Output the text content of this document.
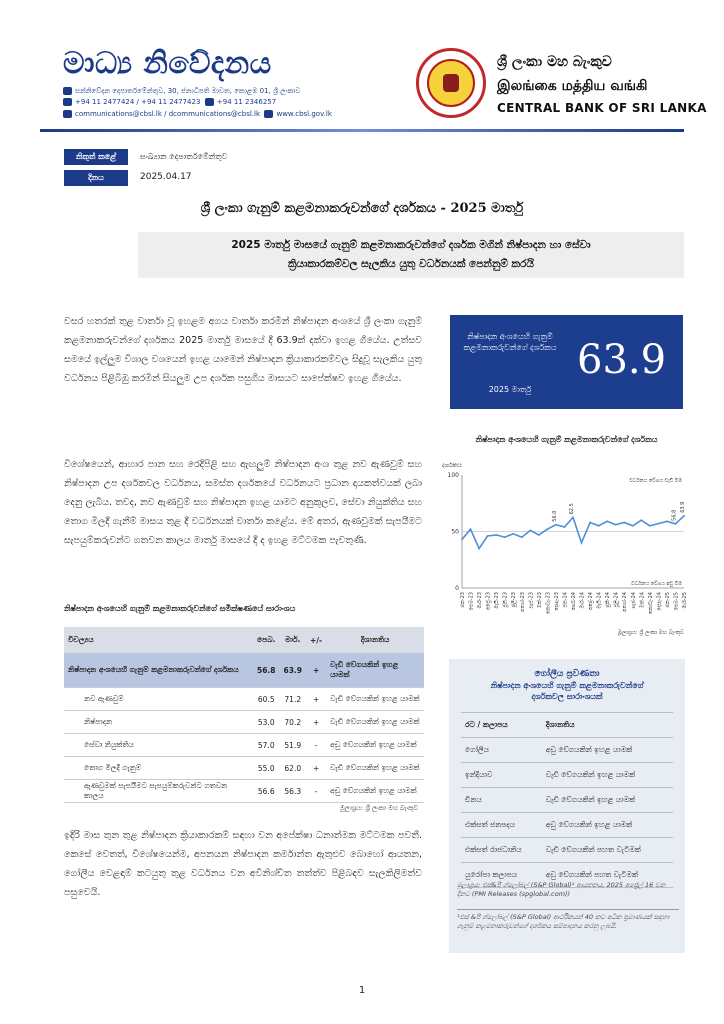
මාධ්‍ය නිවේදනය
සන්නිවේදන දෙපාර්තමේන්තුව, 30, ජනාධිපති මාවත, කොළඹ 01, ශ්‍රී ලංකාව
+94 11 2477424 / +94 11 2477423 +94 11 2346257
communications@cbsl.lk / dcommunications@cbsl.lk www.cbsl.gov.lk
ශ්‍රී ලංකා මහ බැංකුව
இலங்கை மத்திய வங்கி
CENTRAL BANK OF SRI LANKA
නිකුත් කළේ	සංඛ්‍යාන දෙපාර්තමේන්තුව
දිනය	2025.04.17
ශ්‍රී ලංකා ගැනුම් කළමනාකරුවන්ගේ දර්ශකය - 2025 මාර්තු
2025 මාර්තු මාසයේ ගැනුම් කළමනාකරුවන්ගේ දර්ශක මගින් නිෂ්පාදන හා සේවා
ක්‍රියාකාරකම්වල සැලකිය යුතු වර්ධනයක් පෙන්නුම් කරයි
වසර හතරක් තුළ වාර්තා වූ ඉහළම අගය වාර්තා කරමින් නිෂ්පාදන අංශයේ ශ්‍රී ලංකා ගැනුම් කළමනාකරුවන්ගේ දර්ශකය 2025 මාර්තු මාසයේ දී 63.9ක් දක්වා ඉහළ ගියේය. උත්සව සමයේ ඉල්ලුම විශාල වශයෙන් ඉහළ යාමෙන් නිෂ්පාදන ක්‍රියාකාරකම්වල සිදුවූ සැලකිය යුතු වර්ධනය පිළිබිඹු කරමින් සියලුම උප දර්ශක පසුගිය මාසයට සාපේක්ෂව ඉහළ ගියේය.
විශේෂයෙන්, ආහාර පාන සහ රෙදිපිළි සහ ඇඟලුම් නිෂ්පාදන අංශ තුළ නව ඇණවුම් සහ නිෂ්පාදන උප දර්ශකවල වර්ධනය, සමස්ත දර්ශකයේ වර්ධනයට ප්‍රධාන දායකත්වයක් ලබා දෙනු ලැබීය. තවද, නව ඇණවුම් සහ නිෂ්පාදන ඉහළ යාමට අනුකූලව, සේවා නියුක්තිය සහ තොග මිලදී ගැනීම් මාසය තුළ දී වර්ධනයක් වාර්තා කළේය. මේ අතර, ඇණවුමක් සැපයීමට සැපයුම්කරුවන්ට ගතවන කාලය මාර්තු මාසයේ දී ද ඉහළ මට්ටමක පැවතුණි.
ඉදිරි මාස තුන තුළ නිෂ්පාදන ක්‍රියාකාරකම් සඳහා වන අපේක්ෂා ධනාත්මක මට්ටමක පවතී. කෙසේ වෙතත්, විශේෂයෙන්ම, අපනයන නිෂ්පාදන කර්මාන්ත ඇතුළුව බොහෝ ආයතන, ගෝලීය වෙළඳාම් කටයුතු තුළ වර්ධනය වන අවිනිශ්චිත තත්ත්ව පිළිබඳව සැලකිලිමත්ව පසුවෙයි.
නිෂ්පාදන අංශයෙහි ගැනුම් කළමනාකරුවන්ගේ දර්ශකය
2025 මාර්තු
63.9
නිෂ්පාදන අංශයෙහි ගැනුම් කළමනාකරුවන්ගේ දර්ශකය
දර්ශකය
0
50
100
වර්ධනය වේගය වැඩි වීම
වර්ධනය වේගය අඩු වීම
56.0
62.5
56.8
63.9
ජන-23 පෙබ-23 මාර්-23 අප්‍රේ-23 මැයි-23 ජූනි-23 ජූලි-23 අගෝ-23 සැප්-23 ඔක්-23 නොවැ-23 දෙසැ-23 ජන-24 පෙබ-24 මාර්-24 අප්‍රේ-24 මැයි-24 ජූනි-24 ජූලි-24 අගෝ-24 සැප්-24 ඔක්-24 නොවැ-24 දෙසැ-24 ජන-25 පෙබ-25 මාර්-25
මූලාශ්‍රය: ශ්‍රී ලංකා මහ බැංකුව
නිෂ්පාදන අංශයෙහි ගැනුම් කළමනාකරුවන්ගේ සමීක්ෂණයේ සාරාංශය
විචල්‍යය	පෙබ.	මාර්.	+/-	දිශානතිය
නිෂ්පාදන අංශයෙහි ගැනුම් කළමනාකරුවන්ගේ දර්ශකය	56.8	63.9	+	වැඩි වේගයකින් ඉහළ යාමක්
නව ඇණවුම්	60.5	71.2	+	වැඩි වේගයකින් ඉහළ යාමක්
නිෂ්පාදන	53.0	70.2	+	වැඩි වේගයකින් ඉහළ යාමක්
සේවා නියුක්තිය	57.0	51.9	-	අඩු වේගයකින් ඉහළ යාමක්
තොග මිලදී ගැනුම්	55.0	62.0	+	වැඩි වේගයකින් ඉහළ යාමක්
ඇණවුමක් සැපයීමට සැපයුම්කරුවන්ට ගතවන කාලය	56.6	56.3	-	අඩු වේගයකින් ඉහළ යාමක්
මූලාශ්‍රය: ශ්‍රී ලංකා මහ බැංකුව
ගෝලීය ප්‍රවණතා
නිෂ්පාදන අංශයෙහි ගැනුම් කළමනාකරුවන්ගේ
දර්ශකවල සාරාංශයක්
රට / කලාපය	දිශානතිය
ගෝලීය	අඩු වේගයකින් ඉහළ යාමක්
ඉන්දියාව	වැඩි වේගයකින් ඉහළ යාමක්
චීනය	වැඩි වේගයකින් ඉහළ යාමක්
එක්සත් ජනපදය	අඩු වේගයකින් ඉහළ යාමක්
එක්සත් රාජධානිය	වැඩි වේගයකින් පහත වැටීමක්
යුරෝපා කලාපය	අඩු වේගයකින් පහත වැටීමක්
මූලාශ්‍රය: එස්&පී ග්ලෝබල් (S&P Global)¹ ආයතනය, 2025 අප්‍රේල් 16 වන දිනට (PMI Releases (spglobal.com))
¹එස් &පී ග්ලෝබල් (S&P Global) ආර්ථිකයන් 40 කට අධික ප්‍රමාණයක් සඳහා ගැනුම් කළමනාකරුවන්ගේ දර්ශකය සම්පාදනය කරනු ලබයි.
1
